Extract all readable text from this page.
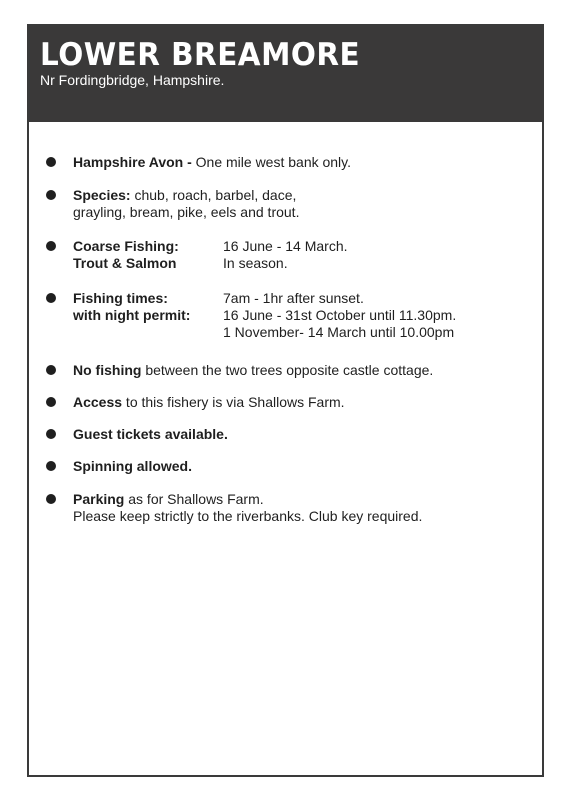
LOWER BREAMORE

Nr Fordingbridge, Hampshire.

Hampshire Avon - One mile west bank only.
Species: chub, roach, barbel, dace,
grayling, bream, pike, eels and trout.
Coarse Fishing:	16 June - 14 March.
Trout & Salmon	In season.
Fishing times:	7am - 1hr after sunset.
with night permit: 16 June - 31st October until 11.30pm.
1 November- 14 March until 10.00pm
No fishing between the two trees opposite castle cottage.
Access to this fishery is via Shallows Farm.
Guest tickets available.
Spinning allowed.
Parking as for Shallows Farm.
Please keep strictly to the riverbanks. Club key required.
